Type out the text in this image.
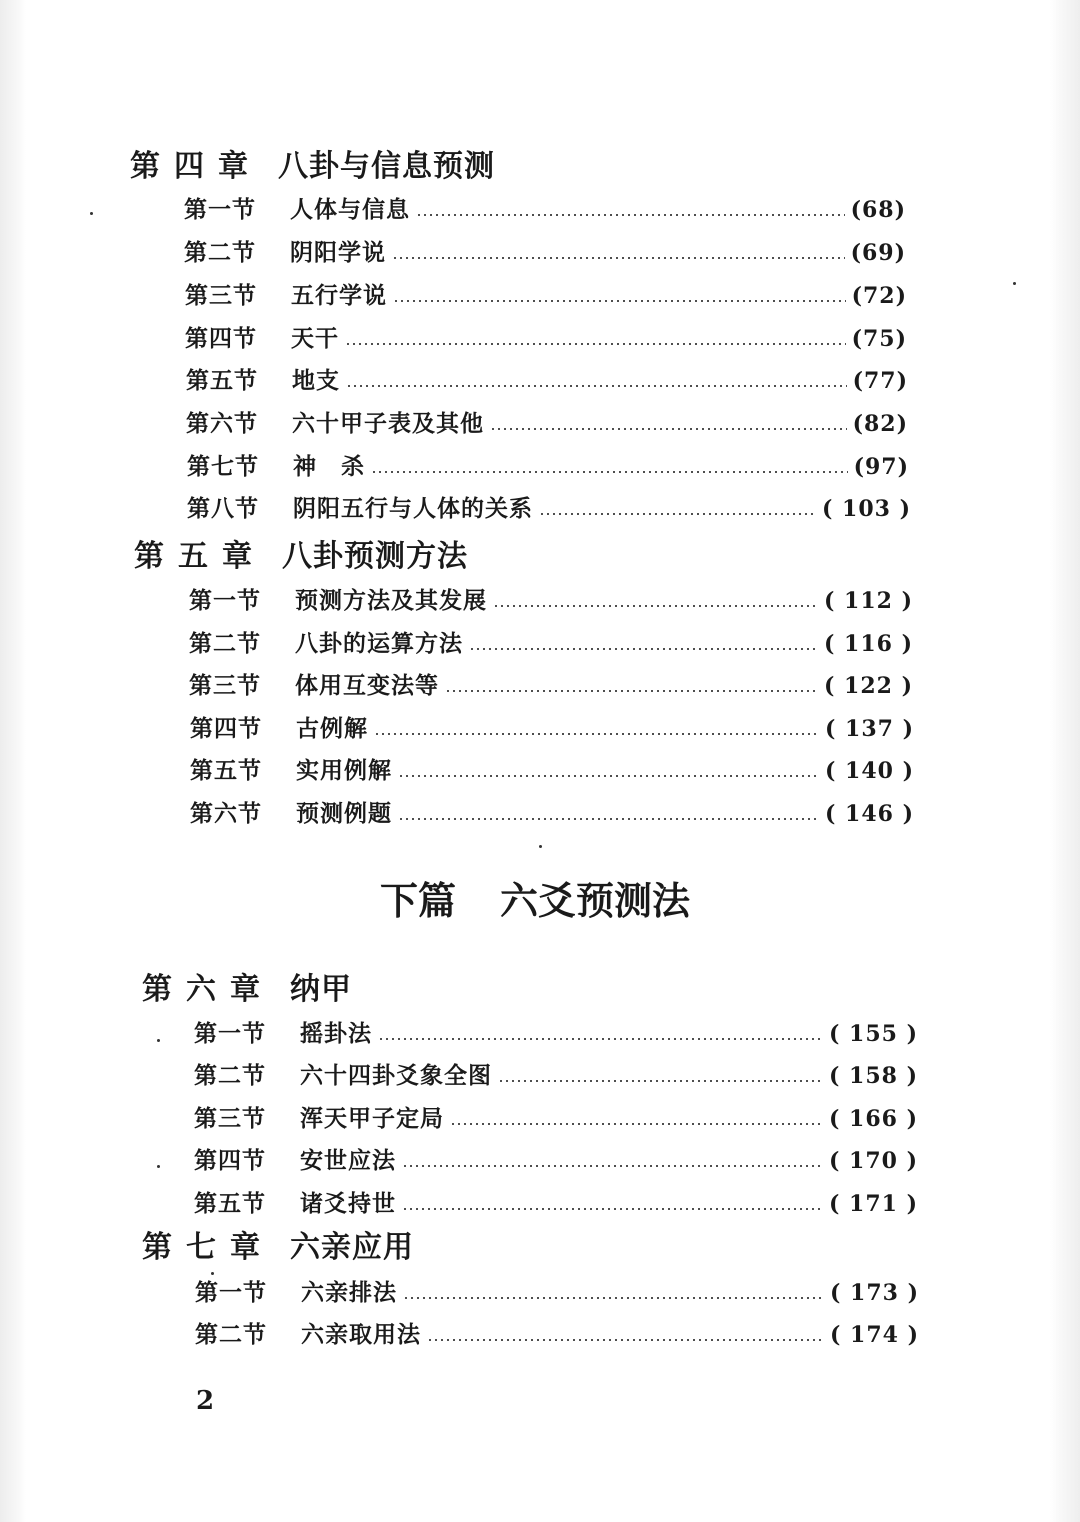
第四章 八卦与信息预测
第一节	人体与信息	(68)
第二节	阴阳学说	(69)
第三节	五行学说	(72)
第四节	天干	(75)
第五节	地支	(77)
第六节	六十甲子表及其他	(82)
第七节	神　杀	(97)
第八节	阴阳五行与人体的关系	( 103 )
第五章 八卦预测方法
第一节	预测方法及其发展	( 112 )
第二节	八卦的运算方法	( 116 )
第三节	体用互变法等	( 122 )
第四节	古例解	( 137 )
第五节	实用例解	( 140 )
第六节	预测例题	( 146 )
下篇 六爻预测法
第六章 纳甲
第一节	摇卦法	( 155 )
第二节	六十四卦爻象全图	( 158 )
第三节	浑天甲子定局	( 166 )
第四节	安世应法	( 170 )
第五节	诸爻持世	( 171 )
第七章 六亲应用
第一节	六亲排法	( 173 )
第二节	六亲取用法	( 174 )
2
